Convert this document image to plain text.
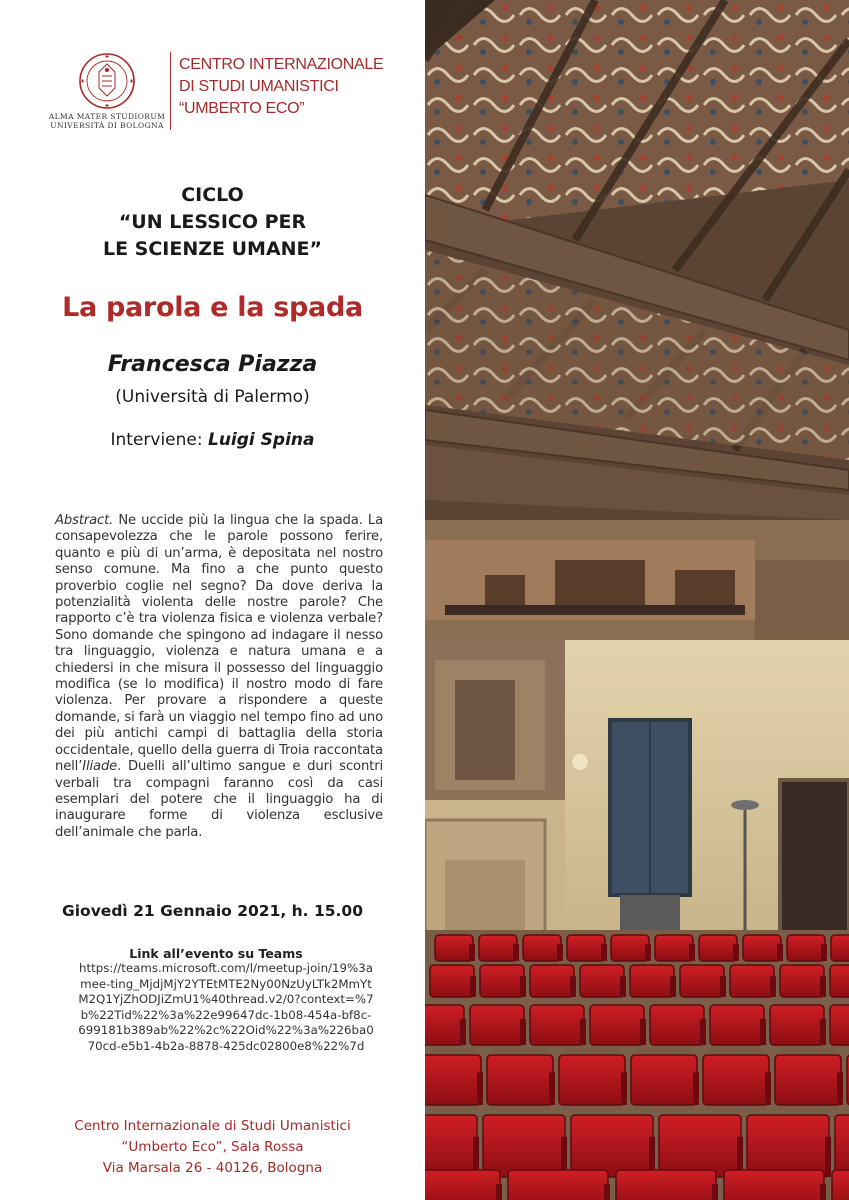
ALMA MATER STUDIORUM
UNIVERSITÀ DI BOLOGNA
CENTRO INTERNAZIONALE
DI STUDI UMANISTICI
“UMBERTO ECO”
CICLO
“UN LESSICO PER
LE SCIENZE UMANE”
La parola e la spada
Francesca Piazza
(Università di Palermo)
Interviene: Luigi Spina
Abstract. Ne uccide più la lingua che la spada. La consapevolezza che le parole possono ferire, quanto e più di un’arma, è depositata nel nostro senso comune. Ma fino a che punto questo proverbio coglie nel segno? Da dove deriva la potenzialità violenta delle nostre parole? Che rapporto c’è tra violenza fisica e violenza verbale? Sono domande che spingono ad indagare il nesso tra linguaggio, violenza e natura umana e a chiedersi in che misura il possesso del linguaggio modifica (se lo modifica) il nostro modo di fare violenza. Per provare a rispondere a queste domande, si farà un viaggio nel tempo fino ad uno dei più antichi campi di battaglia della storia occidentale, quello della guerra di Troia raccontata nell’Iliade. Duelli all’ultimo sangue e duri scontri verbali tra compagni faranno così da casi esemplari del potere che il linguaggio ha di inaugurare forme di violenza esclusive dell’animale che parla.
Giovedì 21 Gennaio 2021, h. 15.00
Link all’evento su Teams
https://teams.microsoft.com/l/meetup-join/19%3amee-ting_MjdjMjY2YTEtMTE2Ny00NzUyLTk2MmYtM2Q1YjZhODJiZmU1%40thread.v2/0?context=%7b%22Tid%22%3a%22e99647dc-1b08-454a-bf8c-699181b389ab%22%2c%22Oid%22%3a%226ba070cd-e5b1-4b2a-8878-425dc02800e8%22%7d
Centro Internazionale di Studi Umanistici
“Umberto Eco”, Sala Rossa
Via Marsala 26 - 40126, Bologna
